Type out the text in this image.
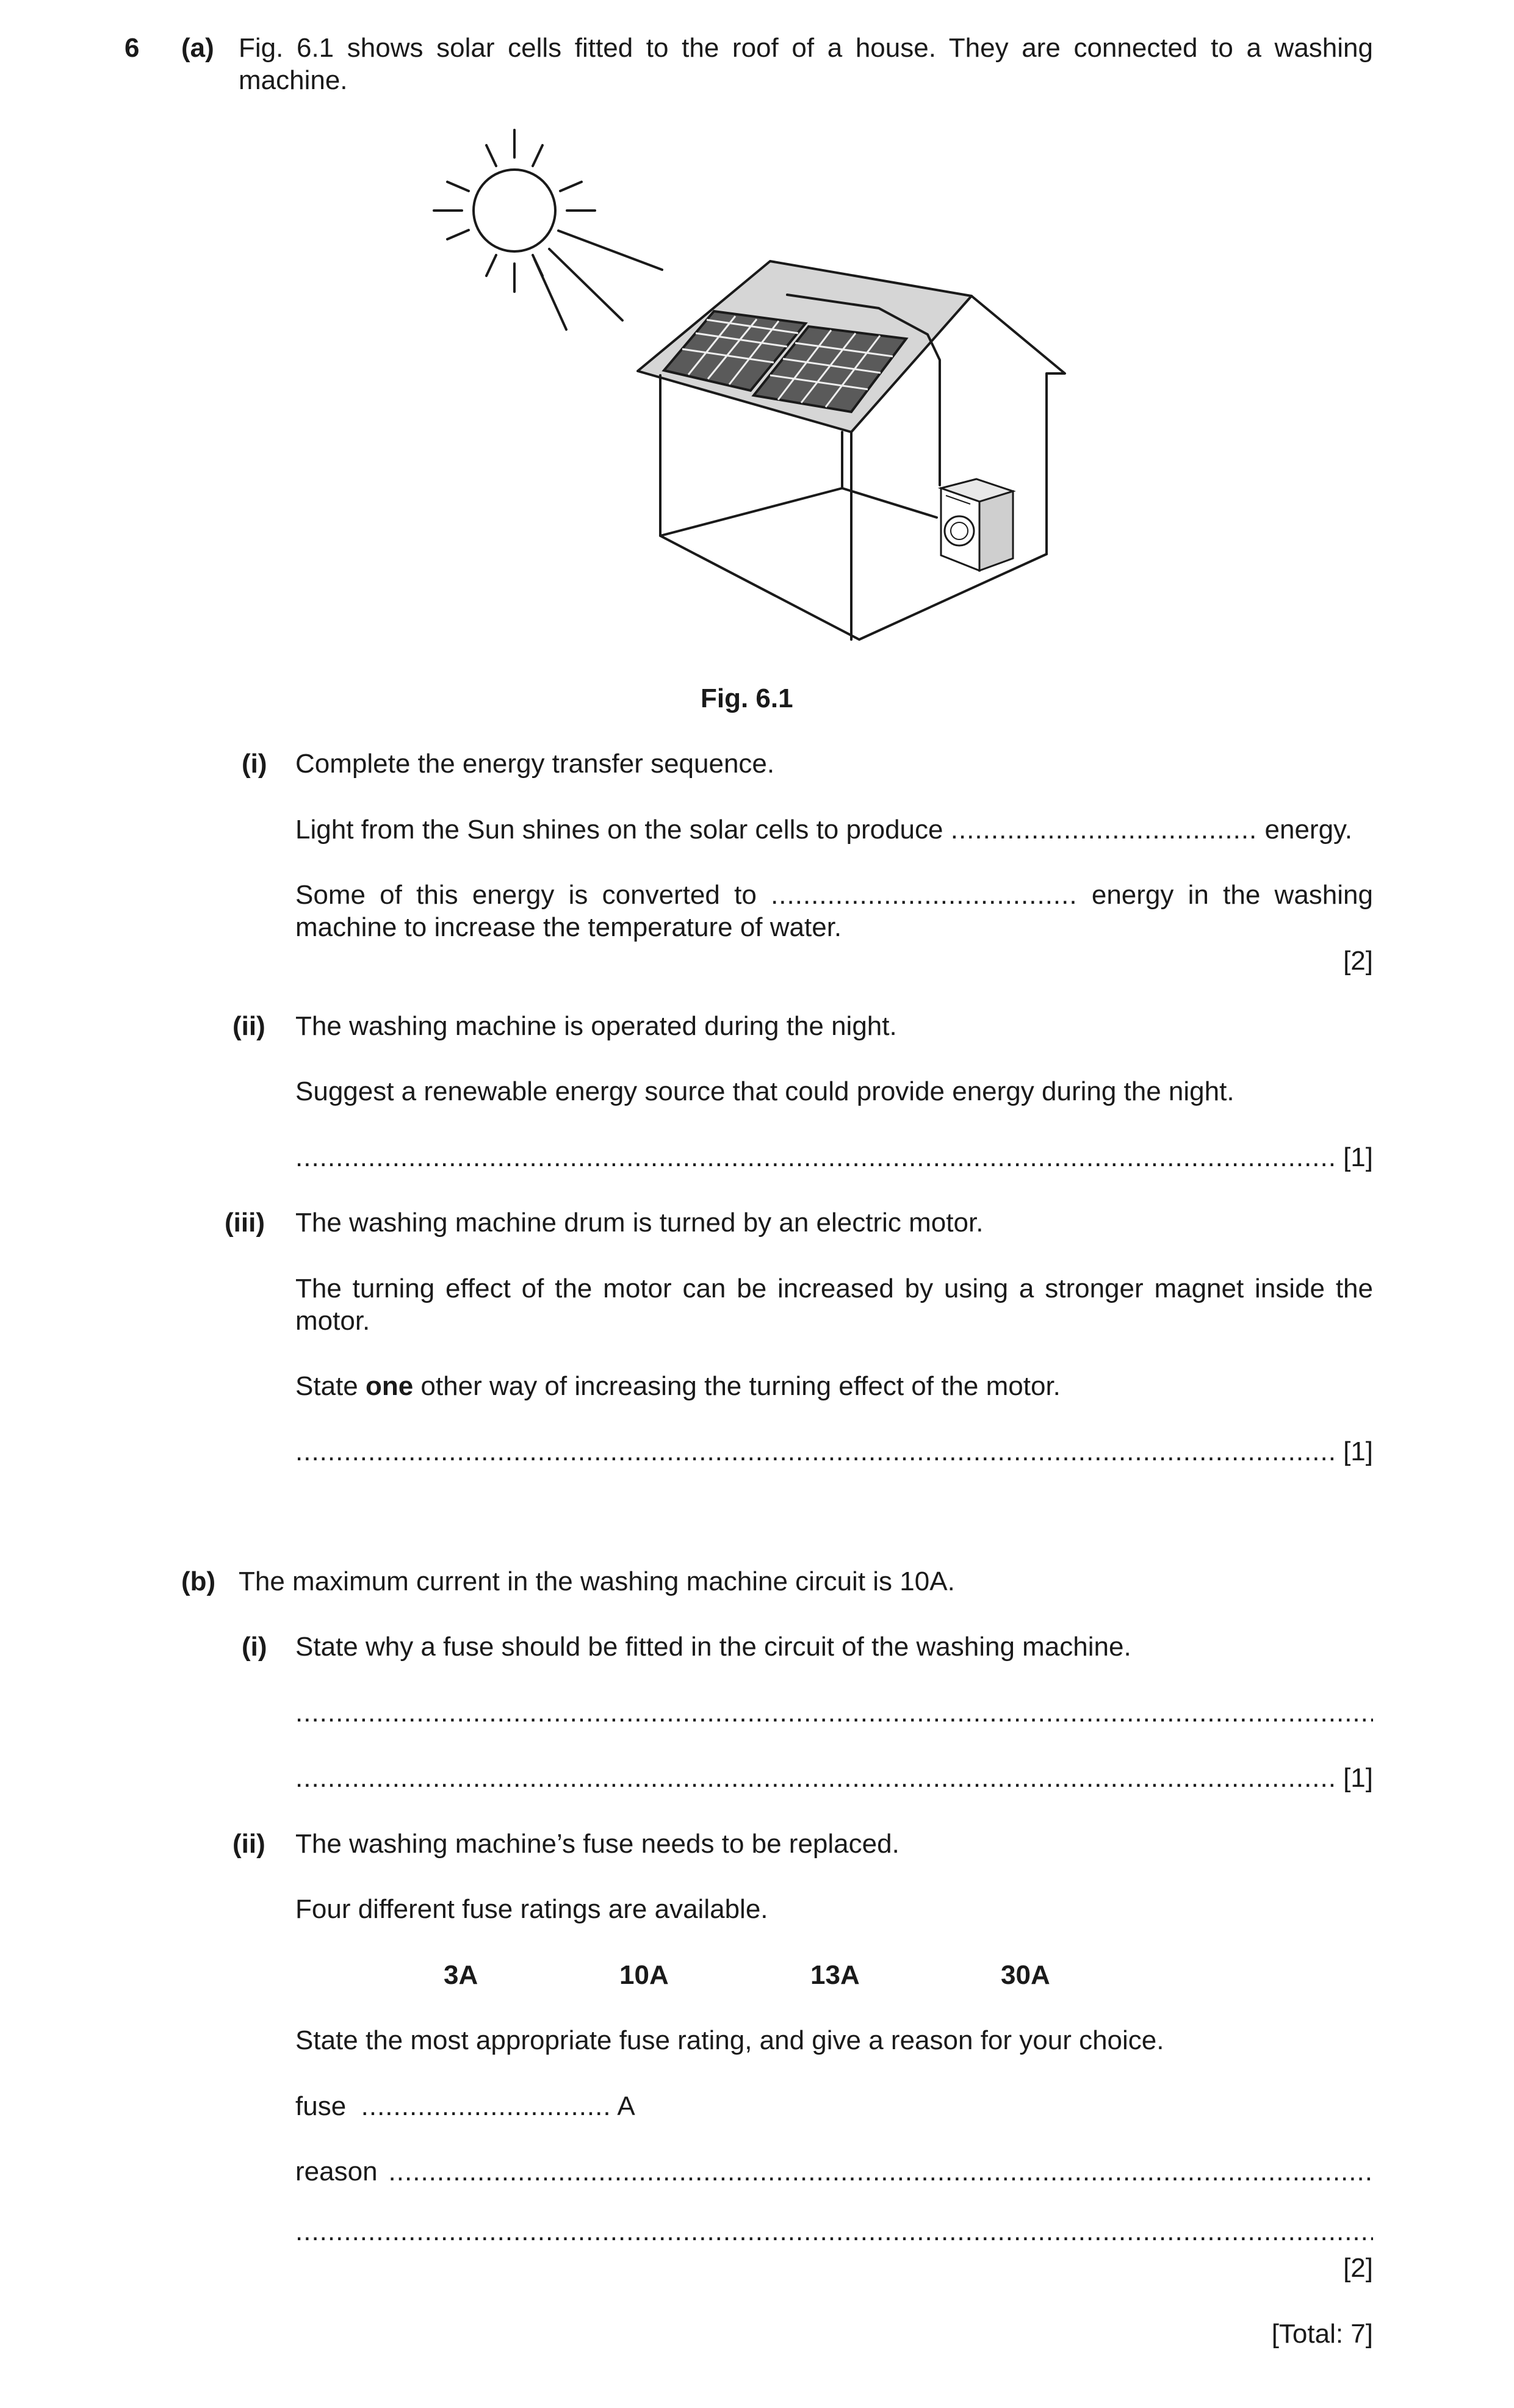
6 (a) Fig. 6.1 shows solar cells fitted to the roof of a house. They are connected to a washing machine.
Fig. 6.1
(i) Complete the energy transfer sequence.
Light from the Sun shines on the solar cells to produce ...................................... energy.
Some of this energy is converted to ...................................... energy in the washing machine to increase the temperature of water.
[2]
(ii) The washing machine is operated during the night.
Suggest a renewable energy source that could provide energy during the night.
.....
[1]
(iii) The washing machine drum is turned by an electric motor.
The turning effect of the motor can be increased by using a stronger magnet inside the motor.
State one other way of increasing the turning effect of the motor.
.....
[1]
(b) The maximum current in the washing machine circuit is 10A.
(i) State why a fuse should be fitted in the circuit of the washing machine.
.....
.....
[1]
(ii) The washing machine’s fuse needs to be replaced.
Four different fuse ratings are available.
3A	10A	13A	30A
State the most appropriate fuse rating, and give a reason for your choice.
fuse ............................... A
reason
.....
.....
[2]
[Total: 7]
